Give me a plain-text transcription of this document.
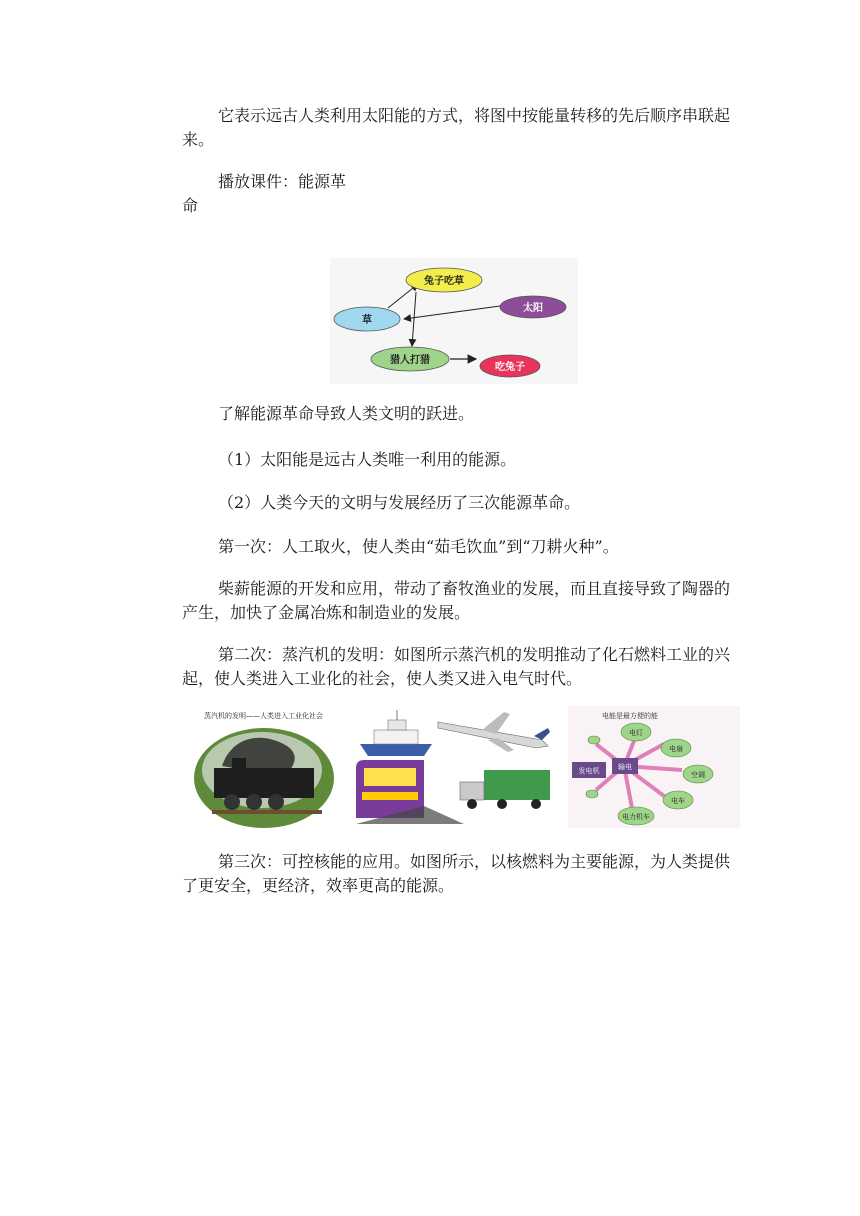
它表示远古人类利用太阳能的方式，将图中按能量转移的先后顺序串联起来。

播放课件：能源革

命

兔子吃草
草
太阳
猎人打猎
吃兔子

了解能源革命导致人类文明的跃进。

（1）太阳能是远古人类唯一利用的能源。

（2）人类今天的文明与发展经历了三次能源革命。

第一次：人工取火，使人类由“茹毛饮血”到“刀耕火种”。

柴薪能源的开发和应用，带动了畜牧渔业的发展，而且直接导致了陶器的产生，加快了金属冶炼和制造业的发展。

第二次：蒸汽机的发明：如图所示蒸汽机的发明推动了化石燃料工业的兴起，使人类进入工业化的社会，使人类又进入电气时代。

蒸汽机的发明——人类进入工业化社会	电能是最方便的能
发电机	输电
电灯
电扇
空调
电车
电力机车

第三次：可控核能的应用。如图所示，以核燃料为主要能源，为人类提供了更安全，更经济，效率更高的能源。
